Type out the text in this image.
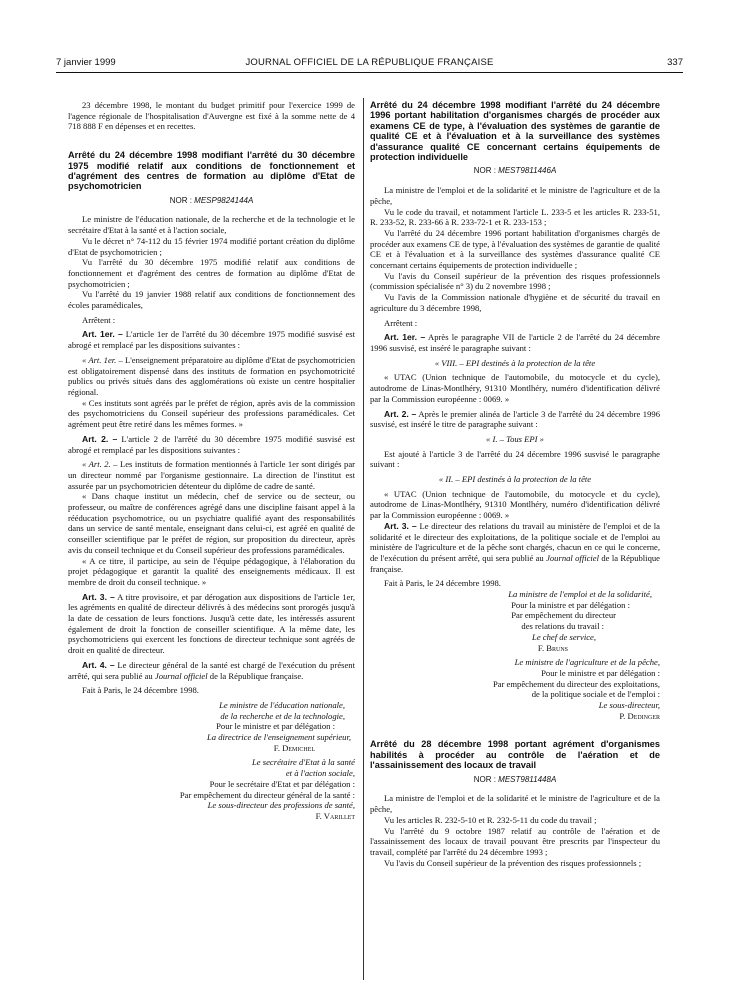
7 janvier 1999	JOURNAL OFFICIEL DE LA RÉPUBLIQUE FRANÇAISE	337

23 décembre 1998, le montant du budget primitif pour l'exercice 1999 de l'agence régionale de l'hospitalisation d'Auvergne est fixé à la somme nette de 4 718 888 F en dépenses et en recettes.

Arrêté du 24 décembre 1998 modifiant l'arrêté du 30 décembre 1975 modifié relatif aux conditions de fonctionnement et d'agrément des centres de formation au diplôme d'Etat de psychomotricien

NOR : MESP9824144A

Le ministre de l'éducation nationale, de la recherche et de la technologie et le secrétaire d'Etat à la santé et à l'action sociale,

Vu le décret n° 74-112 du 15 février 1974 modifié portant création du diplôme d'Etat de psychomotricien ;

Vu l'arrêté du 30 décembre 1975 modifié relatif aux conditions de fonctionnement et d'agrément des centres de formation au diplôme d'Etat de psychomotricien ;

Vu l'arrêté du 19 janvier 1988 relatif aux conditions de fonctionnement des écoles paramédicales,

Arrêtent :

Art. 1er. – L'article 1er de l'arrêté du 30 décembre 1975 modifié susvisé est abrogé et remplacé par les dispositions suivantes :

« Art. 1er. – L'enseignement préparatoire au diplôme d'Etat de psychomotricien est obligatoirement dispensé dans des instituts de formation en psychomotricité publics ou privés situés dans des agglomérations où existe un centre hospitalier régional.

« Ces instituts sont agréés par le préfet de région, après avis de la commission des psychomotriciens du Conseil supérieur des professions paramédicales. Cet agrément peut être retiré dans les mêmes formes. »

Art. 2. – L'article 2 de l'arrêté du 30 décembre 1975 modifié susvisé est abrogé et remplacé par les dispositions suivantes :

« Art. 2. – Les instituts de formation mentionnés à l'article 1er sont dirigés par un directeur nommé par l'organisme gestionnaire. La direction de l'institut est assurée par un psychomotricien détenteur du diplôme de cadre de santé.

« Dans chaque institut un médecin, chef de service ou de secteur, ou professeur, ou maître de conférences agrégé dans une discipline faisant appel à la rééducation psychomotrice, ou un psychiatre qualifié ayant des responsabilités dans un service de santé mentale, enseignant dans celui-ci, est agréé en qualité de conseiller scientifique par le préfet de région, sur proposition du directeur, après avis du conseil technique et du Conseil supérieur des professions paramédicales.

« A ce titre, il participe, au sein de l'équipe pédagogique, à l'élaboration du projet pédagogique et garantit la qualité des enseignements médicaux. Il est membre de droit du conseil technique. »

Art. 3. – A titre provisoire, et par dérogation aux dispositions de l'article 1er, les agréments en qualité de directeur délivrés à des médecins sont prorogés jusqu'à la date de cessation de leurs fonctions. Jusqu'à cette date, les intéressés assurent également de droit la fonction de conseiller scientifique. A la même date, les psychomotriciens qui exercent les fonctions de directeur technique sont agréés de droit en qualité de directeur.

Art. 4. – Le directeur général de la santé est chargé de l'exécution du présent arrêté, qui sera publié au Journal officiel de la République française.

Fait à Paris, le 24 décembre 1998.

Le ministre de l'éducation nationale,

de la recherche et de la technologie,

Pour le ministre et par délégation :

La directrice de l'enseignement supérieur,

F. Demichel

Le secrétaire d'Etat à la santé

et à l'action sociale,

Pour le secrétaire d'Etat et par délégation :

Par empêchement du directeur général de la santé :

Le sous-directeur des professions de santé,

F. Varillet

Arrêté du 24 décembre 1998 modifiant l'arrêté du 24 décembre 1996 portant habilitation d'organismes chargés de procéder aux examens CE de type, à l'évaluation des systèmes de garantie de qualité CE et à l'évaluation et à la surveillance des systèmes d'assurance qualité CE concernant certains équipements de protection individuelle

NOR : MEST9811446A

La ministre de l'emploi et de la solidarité et le ministre de l'agriculture et de la pêche,

Vu le code du travail, et notamment l'article L. 233-5 et les articles R. 233-51, R. 233-52, R. 233-66 à R. 233-72-1 et R. 233-153 ;

Vu l'arrêté du 24 décembre 1996 portant habilitation d'organismes chargés de procéder aux examens CE de type, à l'évaluation des systèmes de garantie de qualité CE et à l'évaluation et à la surveillance des systèmes d'assurance qualité CE concernant certains équipements de protection individuelle ;

Vu l'avis du Conseil supérieur de la prévention des risques professionnels (commission spécialisée n° 3) du 2 novembre 1998 ;

Vu l'avis de la Commission nationale d'hygiène et de sécurité du travail en agriculture du 3 décembre 1998,

Arrêtent :

Art. 1er. – Après le paragraphe VII de l'article 2 de l'arrêté du 24 décembre 1996 susvisé, est inséré le paragraphe suivant :

« VIII. – EPI destinés à la protection de la tête

« UTAC (Union technique de l'automobile, du motocycle et du cycle), autodrome de Linas-Montlhéry, 91310 Montlhéry, numéro d'identification délivré par la Commission européenne : 0069. »

Art. 2. – Après le premier alinéa de l'article 3 de l'arrêté du 24 décembre 1996 susvisé, est inséré le titre de paragraphe suivant :

« I. – Tous EPI »

Est ajouté à l'article 3 de l'arrêté du 24 décembre 1996 susvisé le paragraphe suivant :

« II. – EPI destinés à la protection de la tête

« UTAC (Union technique de l'automobile, du motocycle et du cycle), autodrome de Linas-Montlhéry, 91310 Montlhéry, numéro d'identification délivré par la Commission européenne : 0069. »

Art. 3. – Le directeur des relations du travail au ministère de l'emploi et de la solidarité et le directeur des exploitations, de la politique sociale et de l'emploi au ministère de l'agriculture et de la pêche sont chargés, chacun en ce qui le concerne, de l'exécution du présent arrêté, qui sera publié au Journal officiel de la République française.

Fait à Paris, le 24 décembre 1998.

La ministre de l'emploi et de la solidarité,

Pour la ministre et par délégation :

Par empêchement du directeur

des relations du travail :

Le chef de service,

F. Bruns

Le ministre de l'agriculture et de la pêche,

Pour le ministre et par délégation :

Par empêchement du directeur des exploitations,

de la politique sociale et de l'emploi :

Le sous-directeur,

P. Dedinger

Arrêté du 28 décembre 1998 portant agrément d'organismes habilités à procéder au contrôle de l'aération et de l'assainissement des locaux de travail

NOR : MEST9811448A

La ministre de l'emploi et de la solidarité et le ministre de l'agriculture et de la pêche,

Vu les articles R. 232-5-10 et R. 232-5-11 du code du travail ;

Vu l'arrêté du 9 octobre 1987 relatif au contrôle de l'aération et de l'assainissement des locaux de travail pouvant être prescrits par l'inspecteur du travail, complété par l'arrêté du 24 décembre 1993 ;

Vu l'avis du Conseil supérieur de la prévention des risques professionnels ;
